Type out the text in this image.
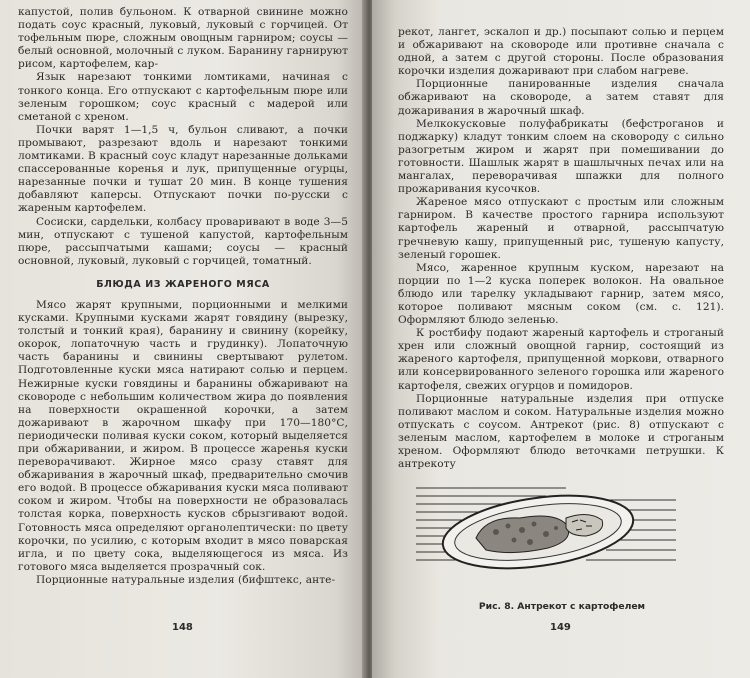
капустой, полив бульоном. К отварной свинине можно подать соус красный, луковый, луковый с горчицей. От тофельным пюре, сложным овощным гарниром; соусы — белый основной, молочный с луком. Баранину гарнируют рисом, картофелем, кар-

Язык нарезают тонкими ломтиками, начиная с тонкого конца. Его отпускают с картофельным пюре или зеленым горошком; соус красный с мадерой или сметаной с хреном.

Почки варят 1—1,5 ч, бульон сливают, а почки промывают, разрезают вдоль и нарезают тонкими ломтиками. В красный соус кладут нарезанные дольками спассерованные коренья и лук, припущенные огурцы, нарезанные почки и тушат 20 мин. В конце тушения добавляют каперсы. Отпускают почки по-русски с жареным картофелем.

Сосиски, сардельки, колбасу проваривают в воде 3—5 мин, отпускают с тушеной капустой, картофельным пюре, рассыпчатыми кашами; соусы — красный основной, луковый, луковый с горчицей, томатный.

БЛЮДА ИЗ ЖАРЕНОГО МЯСА

Мясо жарят крупными, порционными и мелкими кусками. Крупными кусками жарят говядину (вырезку, толстый и тонкий края), баранину и свинину (корейку, окорок, лопаточную часть и грудинку). Лопаточную часть баранины и свинины свертывают рулетом. Подготовленные куски мяса натирают солью и перцем. Нежирные куски говядины и баранины обжаривают на сковороде с небольшим количеством жира до появления на поверхности окрашенной корочки, а затем дожаривают в жарочном шкафу при 170—180°С, периодически поливая куски соком, который выделяется при обжаривании, и жиром. В процессе жаренья куски переворачивают. Жирное мясо сразу ставят для обжаривания в жарочный шкаф, предварительно смочив его водой. В процессе обжаривания куски мяса поливают соком и жиром. Чтобы на поверхности не образовалась толстая корка, поверхность кусков сбрызгивают водой. Готовность мяса определяют органолептически: по цвету корочки, по усилию, с которым входит в мясо поварская игла, и по цвету сока, выделяющегося из мяса. Из готового мяса выделяется прозрачный сок.

Порционные натуральные изделия (бифштекс, анте-

148

рекот, лангет, эскалоп и др.) посыпают солью и перцем и обжаривают на сковороде или противне сначала с одной, а затем с другой стороны. После образования корочки изделия дожаривают при слабом нагреве.

Порционные панированные изделия сначала обжаривают на сковороде, а затем ставят для дожаривания в жарочный шкаф.

Мелкокусковые полуфабрикаты (бефстроганов и поджарку) кладут тонким слоем на сковороду с сильно разогретым жиром и жарят при помешивании до готовности. Шашлык жарят в шашлычных печах или на мангалах, переворачивая шпажки для полного прожаривания кусочков.

Жареное мясо отпускают с простым или сложным гарниром. В качестве простого гарнира используют картофель жареный и отварной, рассыпчатую гречневую кашу, припущенный рис, тушеную капусту, зеленый горошек.

Мясо, жаренное крупным куском, нарезают на порции по 1—2 куска поперек волокон. На овальное блюдо или тарелку укладывают гарнир, затем мясо, которое поливают мясным соком (см. с. 121). Оформляют блюдо зеленью.

К ростбифу подают жареный картофель и строганый хрен или сложный овощной гарнир, состоящий из жареного картофеля, припущенной моркови, отварного или консервированного зеленого горошка или жареного картофеля, свежих огурцов и помидоров.

Порционные натуральные изделия при отпуске поливают маслом и соком. Натуральные изделия можно отпускать с соусом. Антрекот (рис. 8) отпускают с зеленым маслом, картофелем в молоке и строганым хреном. Оформляют блюдо веточками петрушки. К антрекоту

Рис. 8. Антрекот с картофелем
149
